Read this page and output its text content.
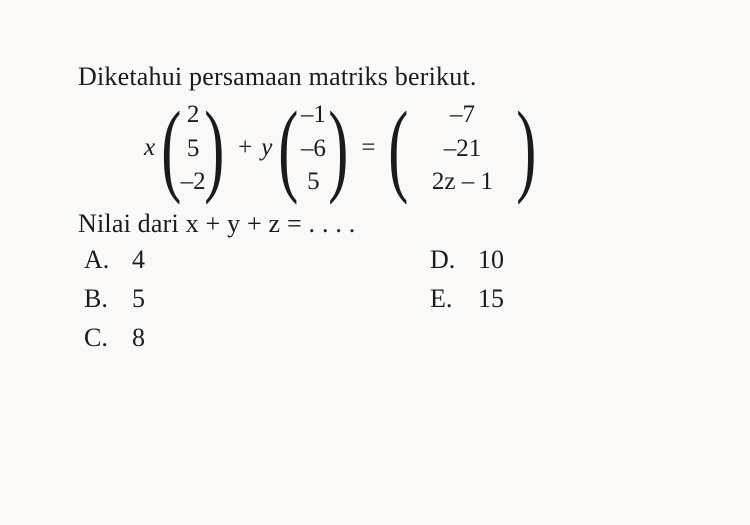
Diketahui persamaan matriks berikut.

x ( 2
5
–2 ) + y ( –1
–6
5 ) = (	–7
–21
2z – 1 )

Nilai dari x + y + z = . . . .

A. 4
B. 5
C. 8
D. 10
E. 15
